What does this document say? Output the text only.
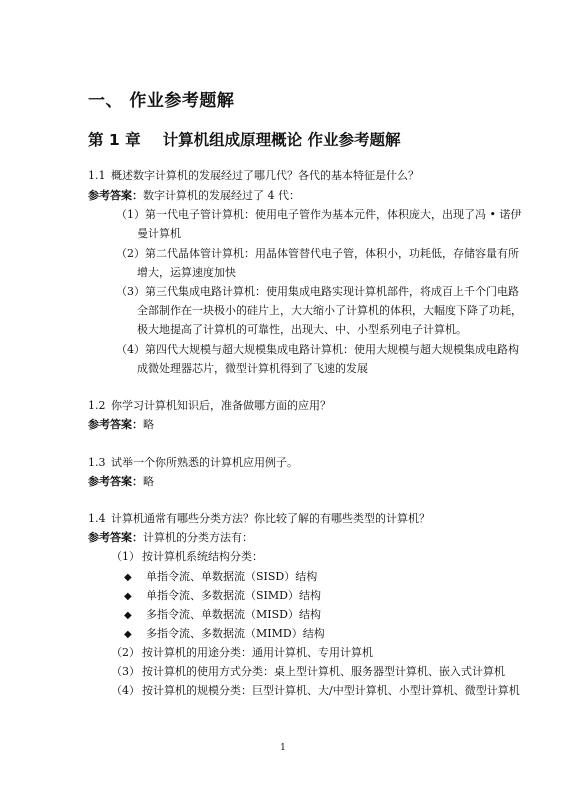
一、 作业参考题解
第 1 章 计算机组成原理概论 作业参考题解
1.1 概述数字计算机的发展经过了哪几代？各代的基本特征是什么？
参考答案：数字计算机的发展经过了 4 代：
（1）第一代电子管计算机：使用电子管作为基本元件，体积庞大，出现了冯 • 诺伊
曼计算机
（2）第二代晶体管计算机：用晶体管替代电子管，体积小，功耗低，存储容量有所
增大，运算速度加快
（3）第三代集成电路计算机：使用集成电路实现计算机部件，将成百上千个门电路
全部制作在一块极小的硅片上，大大缩小了计算机的体积，大幅度下降了功耗，
极大地提高了计算机的可靠性，出现大、中、小型系列电子计算机。
（4）第四代大规模与超大规模集成电路计算机：使用大规模与超大规模集成电路构
成微处理器芯片，微型计算机得到了飞速的发展
1.2 你学习计算机知识后，准备做哪方面的应用？
参考答案：略
1.3 试举一个你所熟悉的计算机应用例子。
参考答案：略
1.4 计算机通常有哪些分类方法？你比较了解的有哪些类型的计算机？
参考答案：计算机的分类方法有：
（1） 按计算机系统结构分类：
◆ 单指令流、单数据流（SISD）结构
◆ 单指令流、多数据流（SIMD）结构
◆ 多指令流、单数据流（MISD）结构
◆ 多指令流、多数据流（MIMD）结构
（2） 按计算机的用途分类：通用计算机、专用计算机
（3） 按计算机的使用方式分类：桌上型计算机、服务器型计算机、嵌入式计算机
（4） 按计算机的规模分类：巨型计算机、大/中型计算机、小型计算机、微型计算机
1
